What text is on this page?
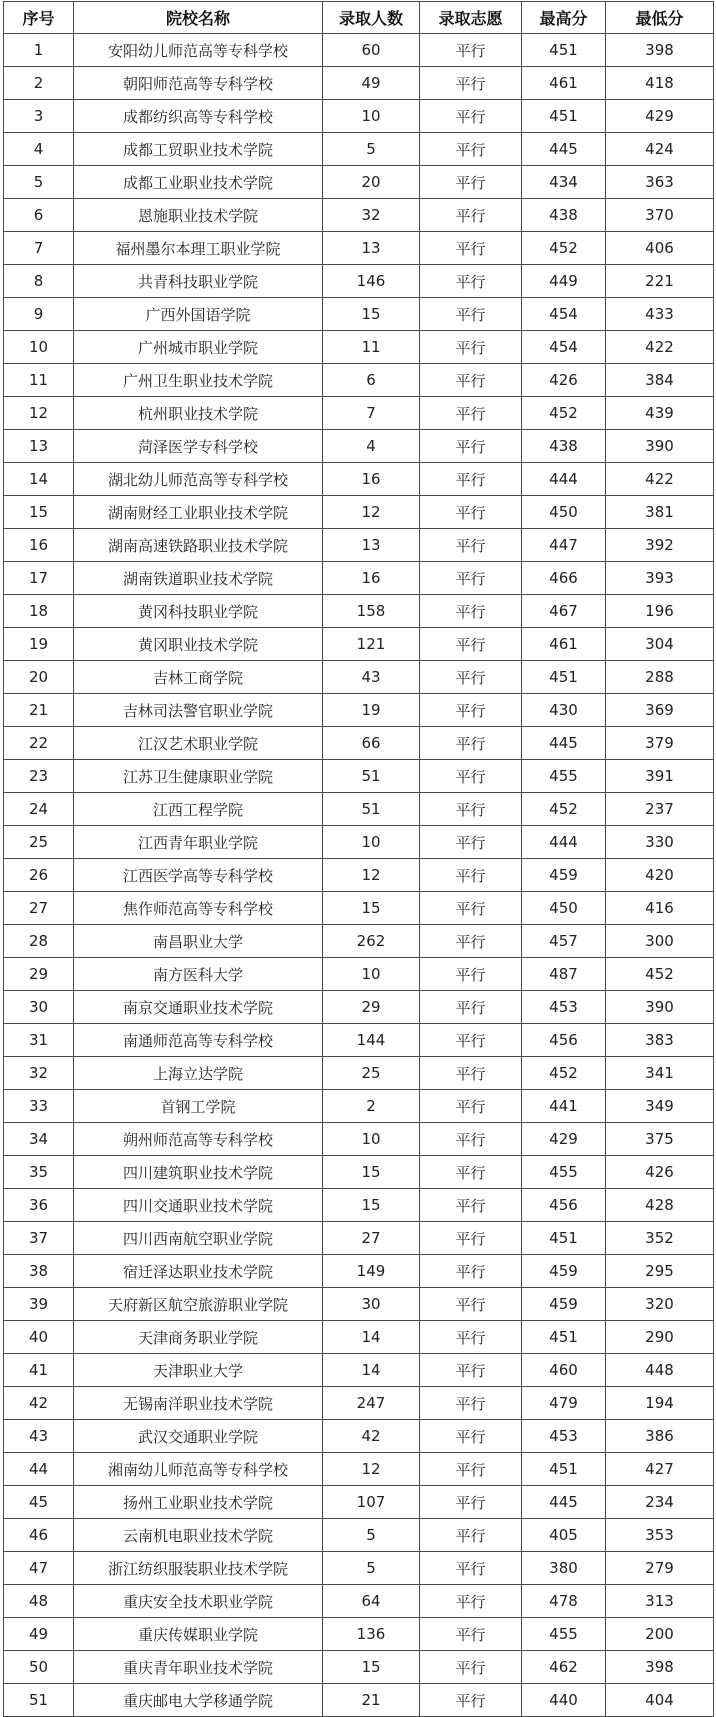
序号	院校名称	录取人数	录取志愿	最高分	最低分
1	安阳幼儿师范高等专科学校	60	平行	451	398
2	朝阳师范高等专科学校	49	平行	461	418
3	成都纺织高等专科学校	10	平行	451	429
4	成都工贸职业技术学院	5	平行	445	424
5	成都工业职业技术学院	20	平行	434	363
6	恩施职业技术学院	32	平行	438	370
7	福州墨尔本理工职业学院	13	平行	452	406
8	共青科技职业学院	146	平行	449	221
9	广西外国语学院	15	平行	454	433
10	广州城市职业学院	11	平行	454	422
11	广州卫生职业技术学院	6	平行	426	384
12	杭州职业技术学院	7	平行	452	439
13	菏泽医学专科学校	4	平行	438	390
14	湖北幼儿师范高等专科学校	16	平行	444	422
15	湖南财经工业职业技术学院	12	平行	450	381
16	湖南高速铁路职业技术学院	13	平行	447	392
17	湖南铁道职业技术学院	16	平行	466	393
18	黄冈科技职业学院	158	平行	467	196
19	黄冈职业技术学院	121	平行	461	304
20	吉林工商学院	43	平行	451	288
21	吉林司法警官职业学院	19	平行	430	369
22	江汉艺术职业学院	66	平行	445	379
23	江苏卫生健康职业学院	51	平行	455	391
24	江西工程学院	51	平行	452	237
25	江西青年职业学院	10	平行	444	330
26	江西医学高等专科学校	12	平行	459	420
27	焦作师范高等专科学校	15	平行	450	416
28	南昌职业大学	262	平行	457	300
29	南方医科大学	10	平行	487	452
30	南京交通职业技术学院	29	平行	453	390
31	南通师范高等专科学校	144	平行	456	383
32	上海立达学院	25	平行	452	341
33	首钢工学院	2	平行	441	349
34	朔州师范高等专科学校	10	平行	429	375
35	四川建筑职业技术学院	15	平行	455	426
36	四川交通职业技术学院	15	平行	456	428
37	四川西南航空职业学院	27	平行	451	352
38	宿迁泽达职业技术学院	149	平行	459	295
39	天府新区航空旅游职业学院	30	平行	459	320
40	天津商务职业学院	14	平行	451	290
41	天津职业大学	14	平行	460	448
42	无锡南洋职业技术学院	247	平行	479	194
43	武汉交通职业学院	42	平行	453	386
44	湘南幼儿师范高等专科学校	12	平行	451	427
45	扬州工业职业技术学院	107	平行	445	234
46	云南机电职业技术学院	5	平行	405	353
47	浙江纺织服装职业技术学院	5	平行	380	279
48	重庆安全技术职业学院	64	平行	478	313
49	重庆传媒职业学院	136	平行	455	200
50	重庆青年职业技术学院	15	平行	462	398
51	重庆邮电大学移通学院	21	平行	440	404
